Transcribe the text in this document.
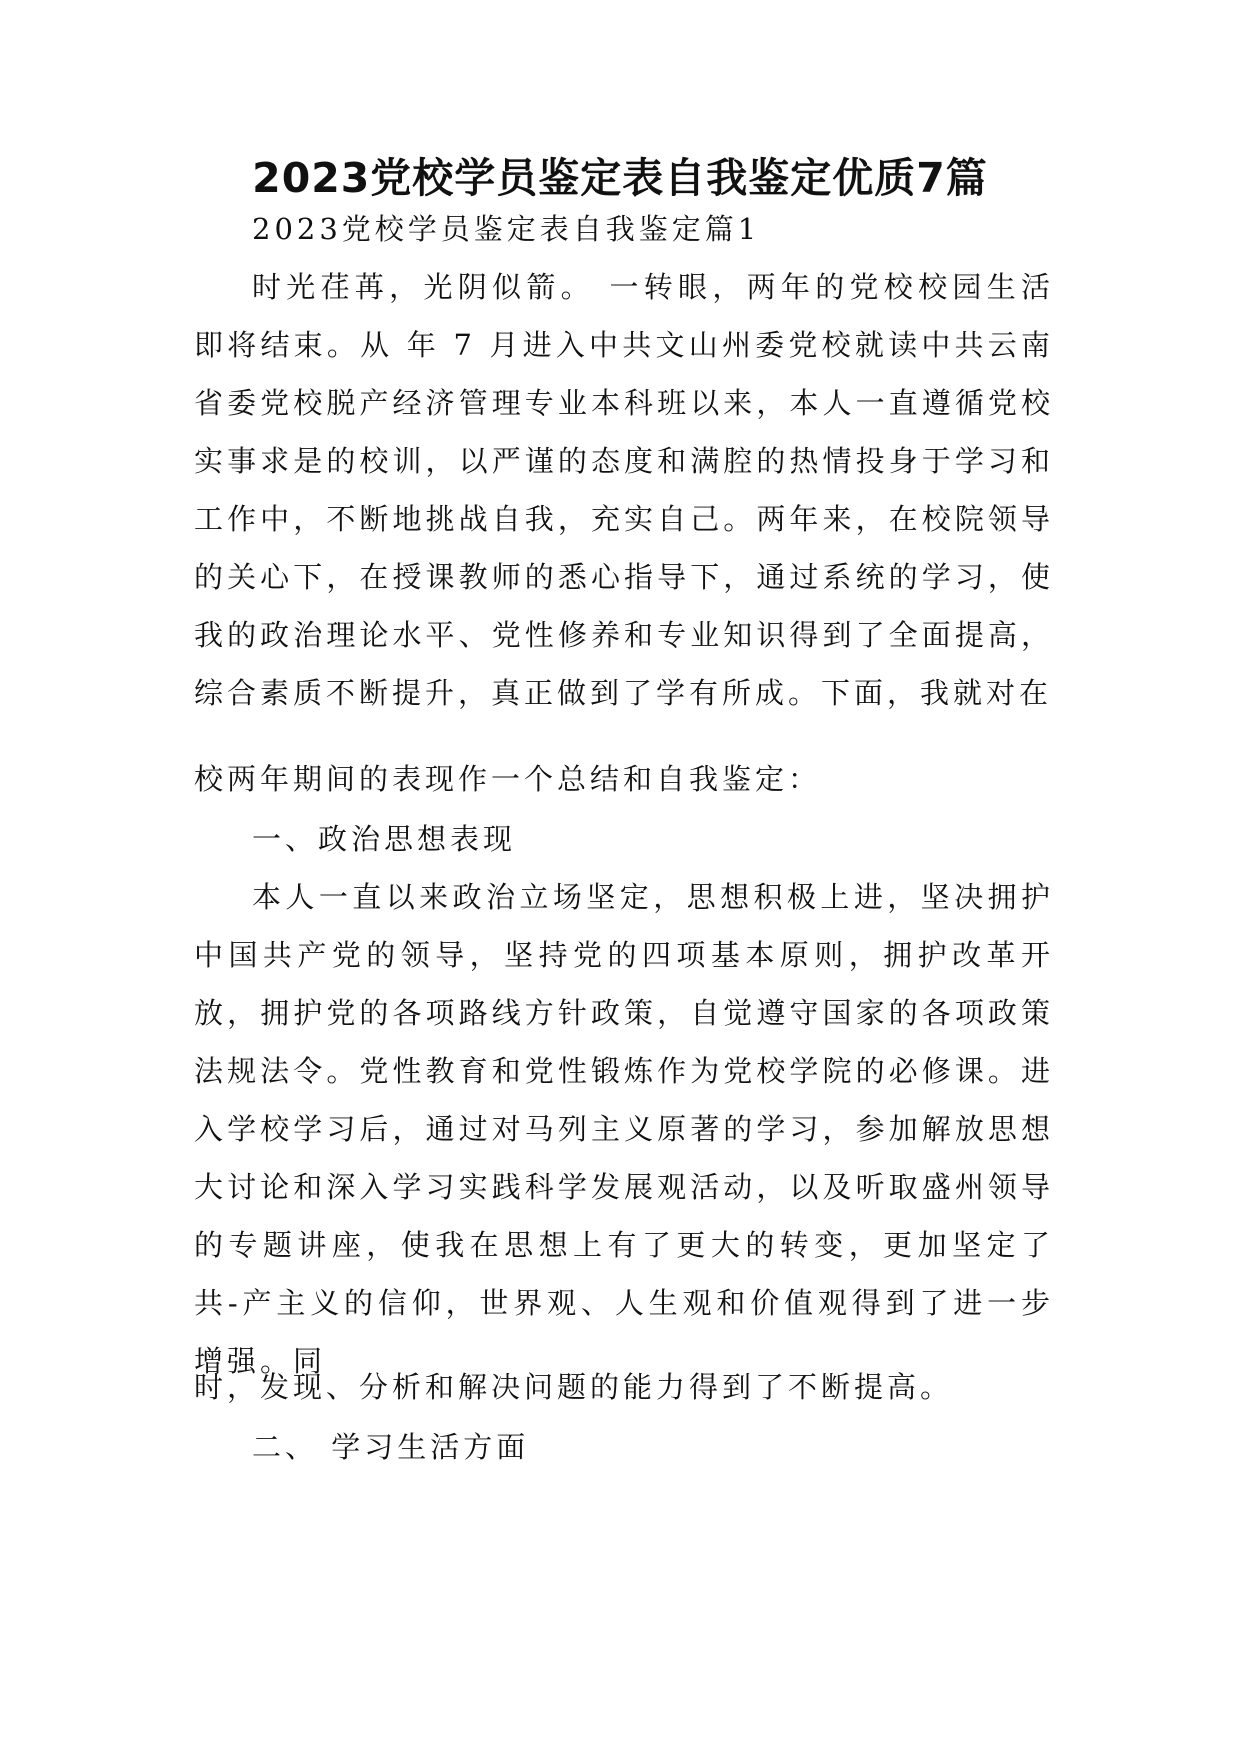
2023党校学员鉴定表自我鉴定优质7篇

2023党校学员鉴定表自我鉴定篇1

时光荏苒，光阴似箭。 一转眼，两年的党校校园生活即将结束。从 年 7 月进入中共文山州委党校就读中共云南省委党校脱产经济管理专业本科班以来，本人一直遵循党校实事求是的校训，以严谨的态度和满腔的热情投身于学习和工作中，不断地挑战自我，充实自己。两年来，在校院领导的关心下，在授课教师的悉心指导下，通过系统的学习，使我的政治理论水平、党性修养和专业知识得到了全面提高，综合素质不断提升，真正做到了学有所成。下面，我就对在

校两年期间的表现作一个总结和自我鉴定：

一、政治思想表现

本人一直以来政治立场坚定，思想积极上进，坚决拥护中国共产党的领导，坚持党的四项基本原则，拥护改革开放，拥护党的各项路线方针政策，自觉遵守国家的各项政策法规法令。党性教育和党性锻炼作为党校学院的必修课。进入学校学习后，通过对马列主义原著的学习，参加解放思想大讨论和深入学习实践科学发展观活动，以及听取盛州领导的专题讲座，使我在思想上有了更大的转变，更加坚定了共-产主义的信仰，世界观、人生观和价值观得到了进一步增强。同

时，发现、分析和解决问题的能力得到了不断提高。

二、 学习生活方面
